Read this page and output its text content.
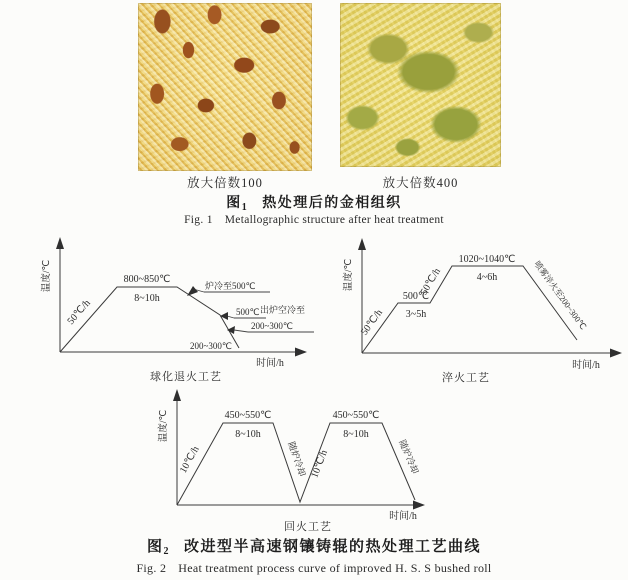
放大倍数100	放大倍数400
图$_1$ 热处理后的金相组织
Fig. 1 Metallographic structure after heat treatment
50℃/h
800~850℃
8~10h
炉冷至500℃
500℃ 出炉空冷至
200~300℃
200~300℃
温度/℃
时间/h
球化退火工艺
50℃/h
500℃
3~5h
50℃/h
1020~1040℃
4~6h	喷雾淬火至200~300℃
温度/℃
时间/h
淬火工艺
10℃/h
450~550℃
8~10h
随炉冷却 10℃/h
450~550℃
8~10h
随炉冷却
温度/℃
时间/h
回火工艺
图$_2$ 改进型半高速钢镶铸辊的热处理工艺曲线
Fig. 2 Heat treatment process curve of improved H. S. S bushed roll
